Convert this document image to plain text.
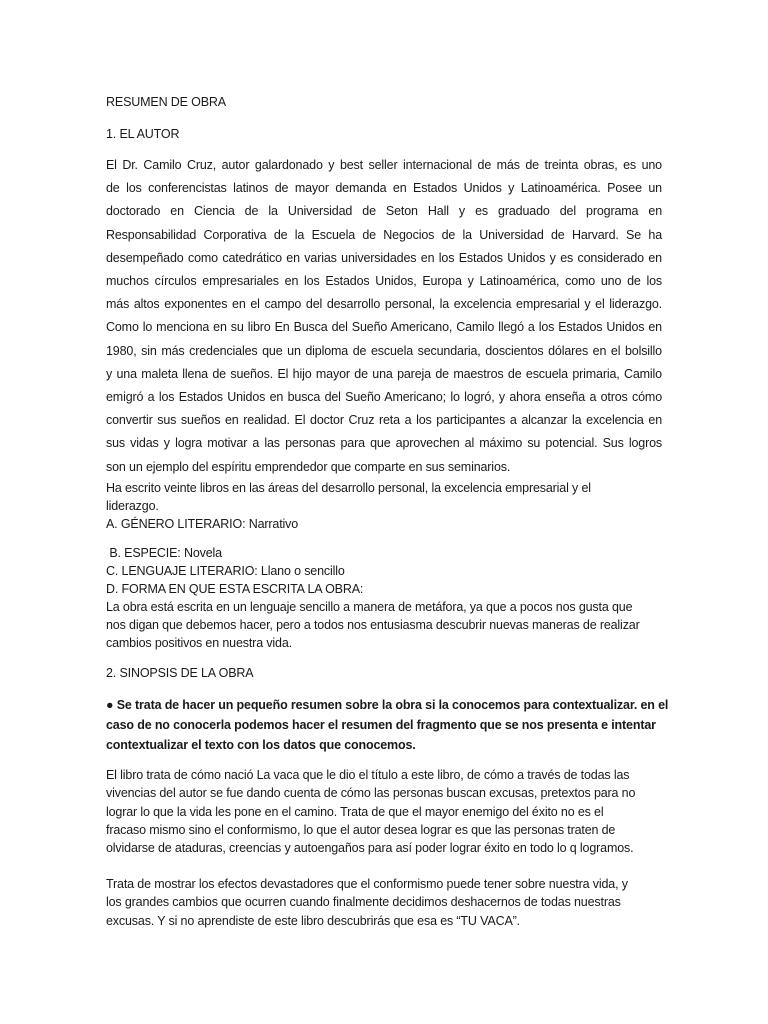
RESUMEN DE OBRA
1. EL AUTOR
El Dr. Camilo Cruz, autor galardonado y best seller internacional de más de treinta obras, es uno
de los conferencistas latinos de mayor demanda en Estados Unidos y Latinoamérica. Posee un
doctorado en Ciencia de la Universidad de Seton Hall y es graduado del programa en
Responsabilidad Corporativa de la Escuela de Negocios de la Universidad de Harvard. Se ha
desempeñado como catedrático en varias universidades en los Estados Unidos y es considerado en
muchos círculos empresariales en los Estados Unidos, Europa y Latinoamérica, como uno de los
más altos exponentes en el campo del desarrollo personal, la excelencia empresarial y el liderazgo.
Como lo menciona en su libro En Busca del Sueño Americano, Camilo llegó a los Estados Unidos en
1980, sin más credenciales que un diploma de escuela secundaria, doscientos dólares en el bolsillo
y una maleta llena de sueños. El hijo mayor de una pareja de maestros de escuela primaria, Camilo
emigró a los Estados Unidos en busca del Sueño Americano; lo logró, y ahora enseña a otros cómo
convertir sus sueños en realidad. El doctor Cruz reta a los participantes a alcanzar la excelencia en
sus vidas y logra motivar a las personas para que aprovechen al máximo su potencial. Sus logros
son un ejemplo del espíritu emprendedor que comparte en sus seminarios.
Ha escrito veinte libros en las áreas del desarrollo personal, la excelencia empresarial y el
liderazgo.
A. GÉNERO LITERARIO: Narrativo
B. ESPECIE: Novela
C. LENGUAJE LITERARIO: Llano o sencillo
D. FORMA EN QUE ESTA ESCRITA LA OBRA:
La obra está escrita en un lenguaje sencillo a manera de metáfora, ya que a pocos nos gusta que
nos digan que debemos hacer, pero a todos nos entusiasma descubrir nuevas maneras de realizar
cambios positivos en nuestra vida.
2. SINOPSIS DE LA OBRA
● Se trata de hacer un pequeño resumen sobre la obra si la conocemos para contextualizar. en el
caso de no conocerla podemos hacer el resumen del fragmento que se nos presenta e intentar
contextualizar el texto con los datos que conocemos.
El libro trata de cómo nació La vaca que le dio el título a este libro, de cómo a través de todas las
vivencias del autor se fue dando cuenta de cómo las personas buscan excusas, pretextos para no
lograr lo que la vida les pone en el camino. Trata de que el mayor enemigo del éxito no es el
fracaso mismo sino el conformismo, lo que el autor desea lograr es que las personas traten de
olvidarse de ataduras, creencias y autoengaños para así poder lograr éxito en todo lo q logramos.
Trata de mostrar los efectos devastadores que el conformismo puede tener sobre nuestra vida, y
los grandes cambios que ocurren cuando finalmente decidimos deshacernos de todas nuestras
excusas. Y si no aprendiste de este libro descubrirás que esa es “TU VACA”.
